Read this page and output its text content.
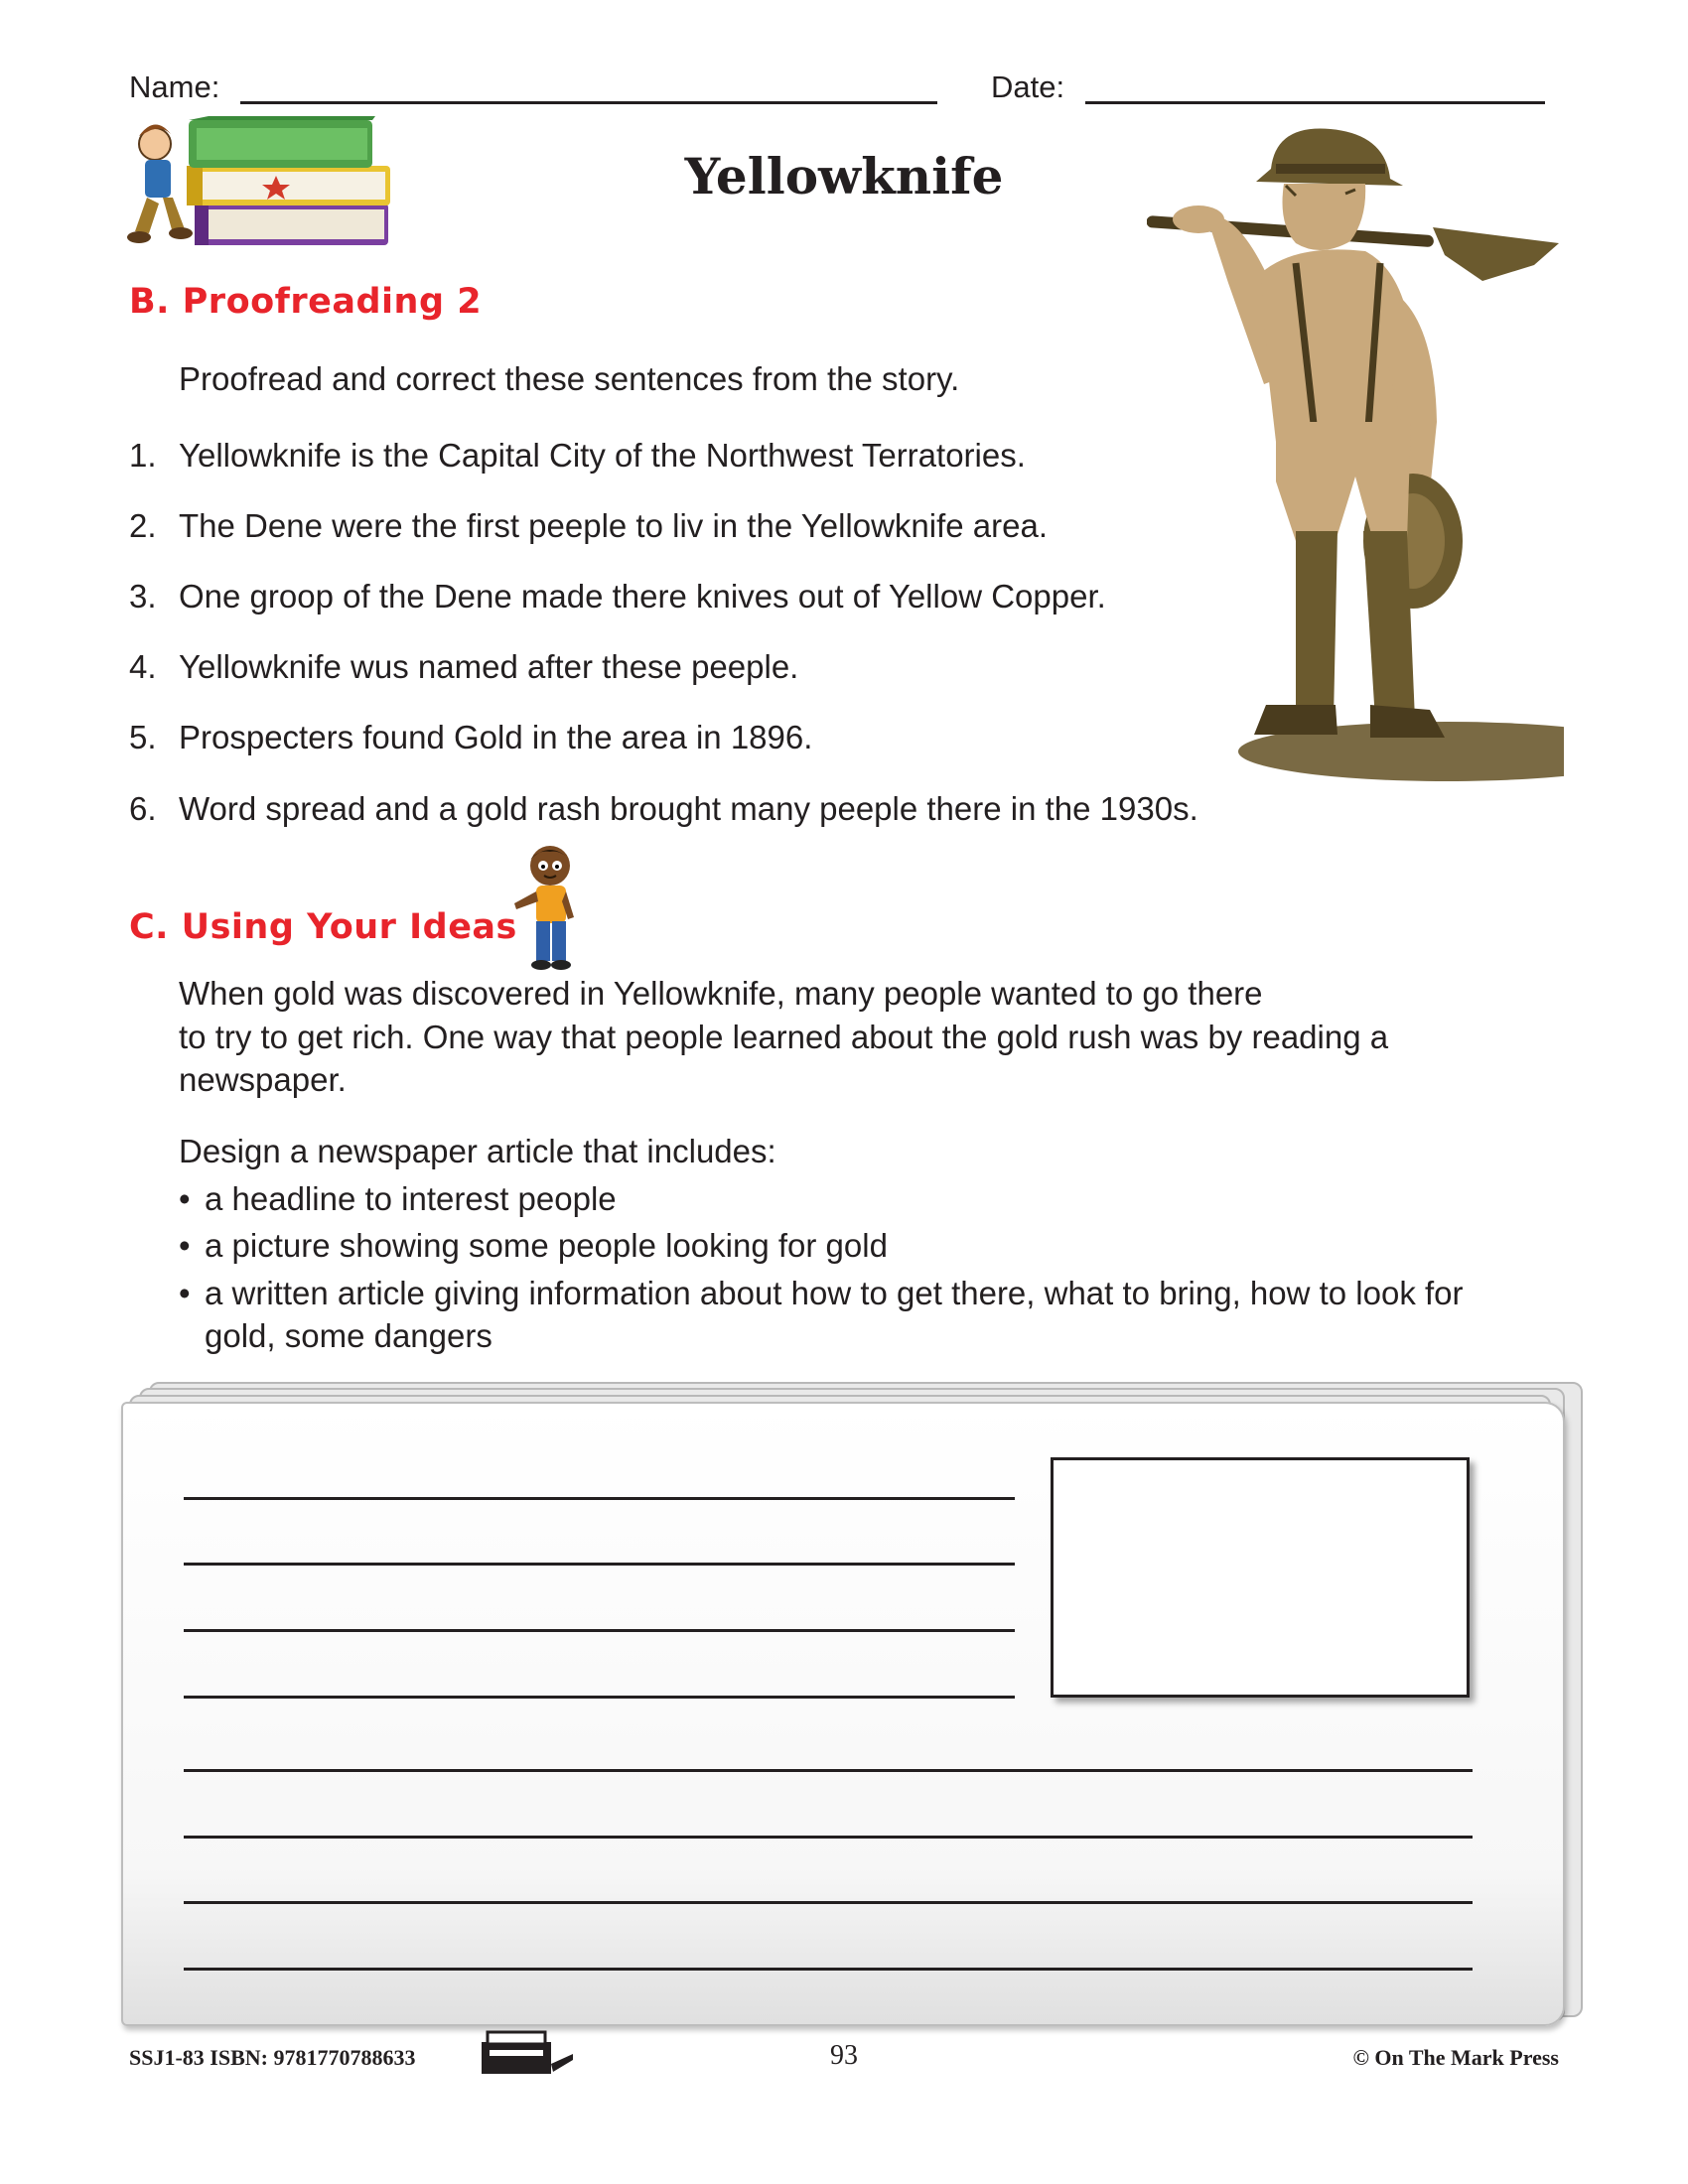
Name:	Date:
Yellowknife
B. Proofreading 2
Proofread and correct these sentences from the story.
1. Yellowknife is the Capital City of the Northwest Terratories.
2. The Dene were the first peeple to liv in the Yellowknife area.
3. One groop of the Dene made there knives out of Yellow Copper.
4. Yellowknife wus named after these peeple.
5. Prospecters found Gold in the area in 1896.
6. Word spread and a gold rash brought many peeple there in the 1930s.
C. Using Your Ideas
When gold was discovered in Yellowknife, many people wanted to go there
to try to get rich. One way that people learned about the gold rush was by reading a
newspaper.
Design a newspaper article that includes:
• a headline to interest people
• a picture showing some people looking for gold
• a written article giving information about how to get there, what to bring, how to look for gold, some dangers
SSJ1-83 ISBN: 9781770788633	93	© On The Mark Press
